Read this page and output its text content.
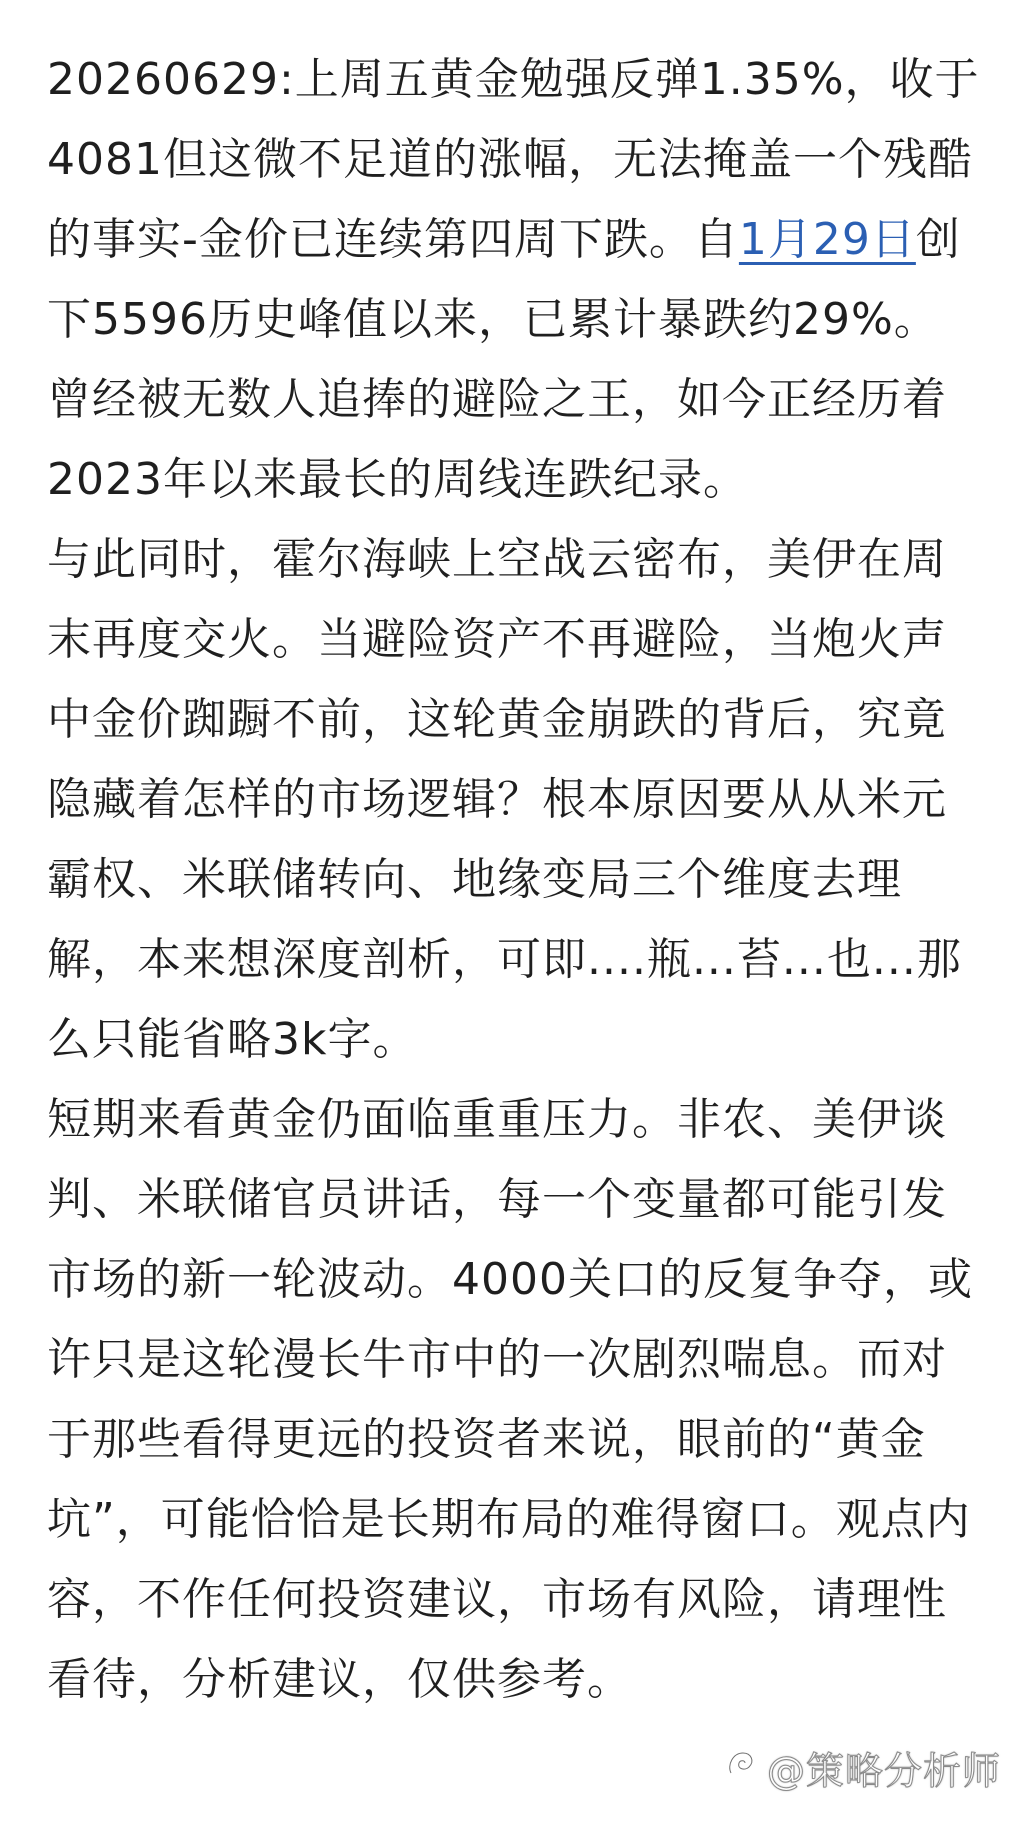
20260629:上周五黄金勉强反弹1.35%，收于4081但这微不足道的涨幅，无法掩盖一个残酷的事实-金价已连续第四周下跌。自1月29日创下5596历史峰值以来，已累计暴跌约29%。曾经被无数人追捧的避险之王，如今正经历着2023年以来最长的周线连跌纪录。

与此同时，霍尔海峡上空战云密布，美伊在周末再度交火。当避险资产不再避险，当炮火声中金价踟蹰不前，这轮黄金崩跌的背后，究竟隐藏着怎样的市场逻辑？根本原因要从从米元霸权、米联储转向、地缘变局三个维度去理解，本来想深度剖析，可即....瓶...苔...也...那么只能省略3k字。

短期来看黄金仍面临重重压力。非农、美伊谈判、米联储官员讲话，每一个变量都可能引发市场的新一轮波动。4000关口的反复争夺，或许只是这轮漫长牛市中的一次剧烈喘息。而对于那些看得更远的投资者来说，眼前的“黄金坑”，可能恰恰是长期布局的难得窗口。观点内容，不作任何投资建议，市场有风险，请理性看待，分析建议，仅供参考。

@策略分析师
